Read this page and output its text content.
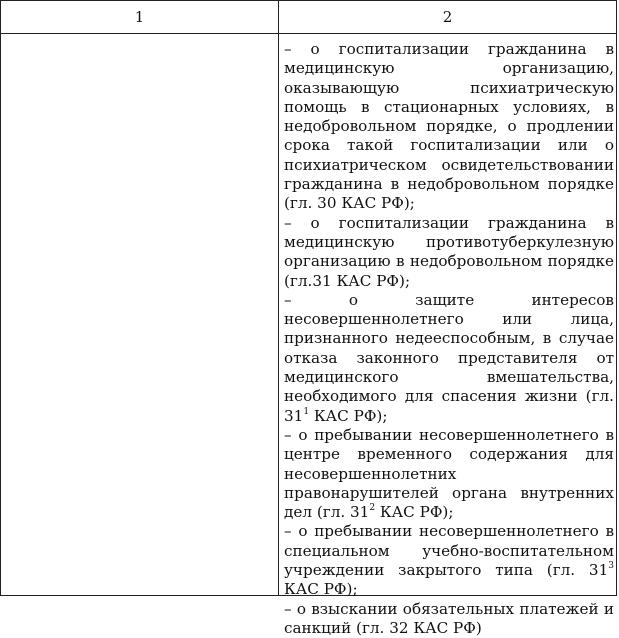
1	2

– о госпитализации гражданина в медицинскую организацию, оказывающую психиатрическую помощь в стационарных условиях, в недобровольном порядке, о продлении срока такой госпитализации или о психиатрическом освидетельствовании гражданина в недобровольном порядке (гл. 30 КАС РФ);

– о госпитализации гражданина в медицинскую противотуберкулезную организацию в недобровольном порядке (гл.31 КАС РФ);

– о защите интересов несовершеннолетнего или лица, признанного недееспособным, в случае отказа законного представителя от медицинского вмешательства, необходимого для спасения жизни (гл. $31^1$ КАС РФ);

– о пребывании несовершеннолетнего в центре временного содержания для несовершеннолетних правонарушителей органа внутренних дел (гл. $31^2$ КАС РФ);

– о пребывании несовершеннолетнего в специальном учебно-воспитательном учреждении закрытого типа (гл. $31^3$ КАС РФ);

– о взыскании обязательных платежей и санкций (гл. 32 КАС РФ)
